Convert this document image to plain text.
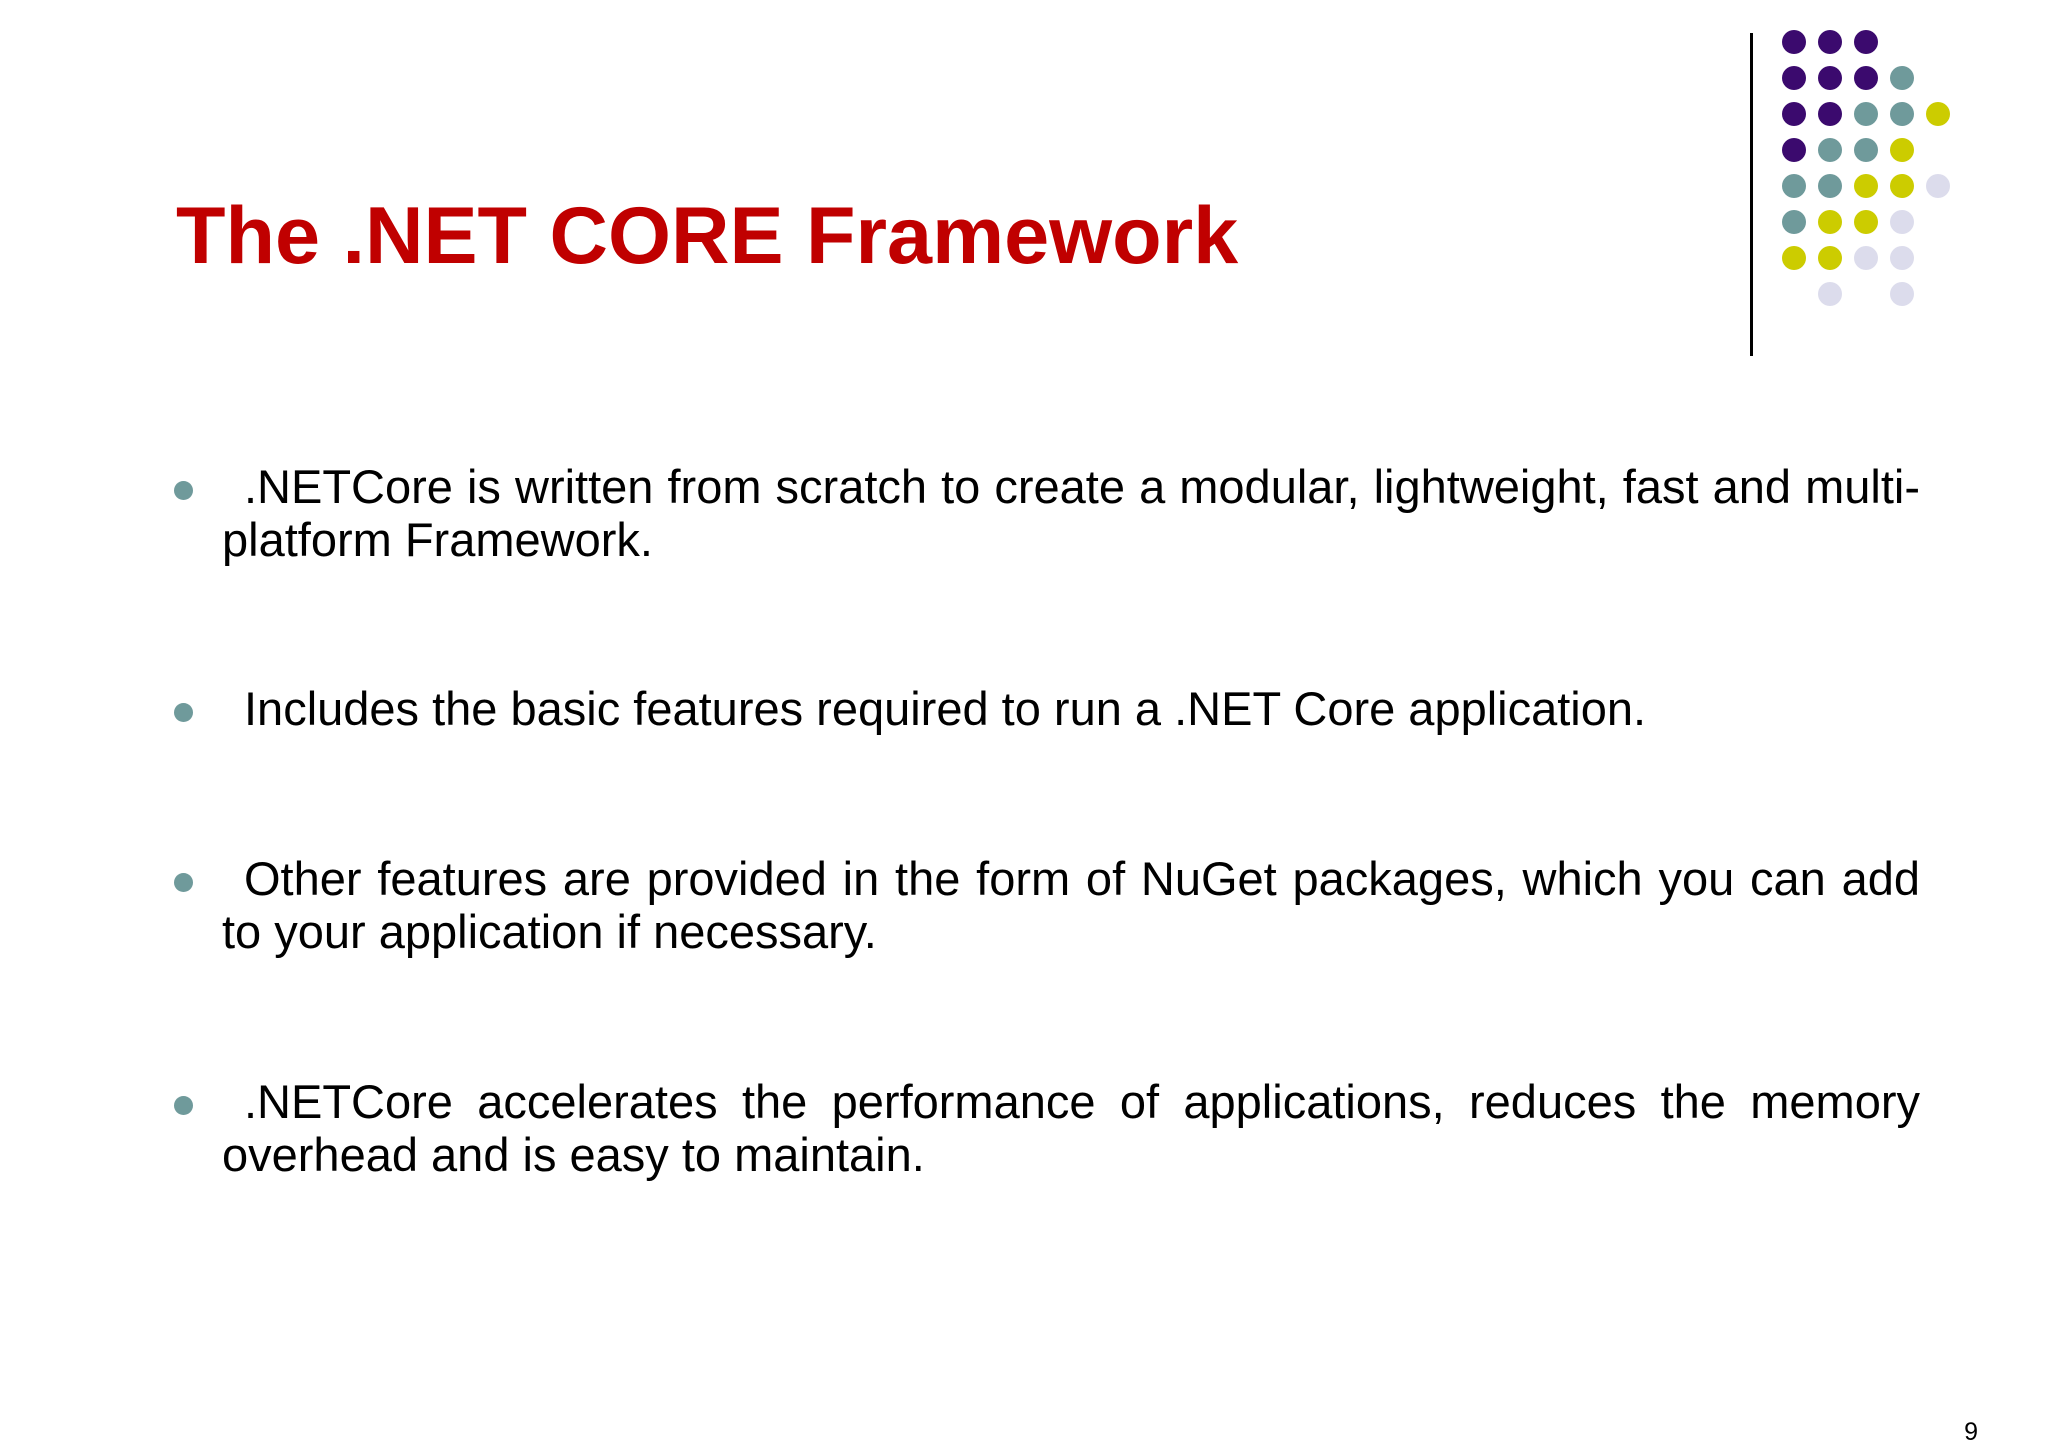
The .NET CORE Framework

.NETCore is written from scratch to create a modular, lightweight, fast and multi-platform Framework.

Includes the basic features required to run a .NET Core application.

Other features are provided in the form of NuGet packages, which you can add to your application if necessary.

.NETCore accelerates the performance of applications, reduces the memory overhead and is easy to maintain.

9
